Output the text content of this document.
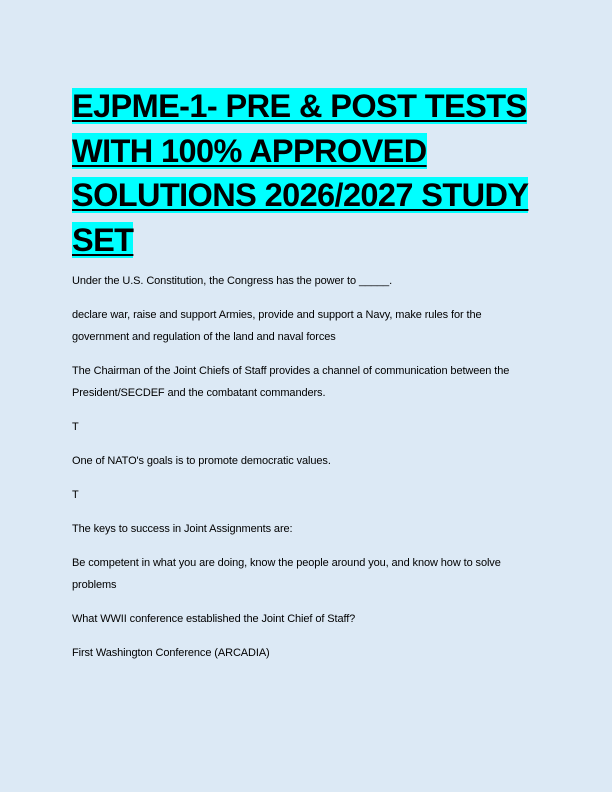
EJPME-1- PRE & POST TESTS WITH 100% APPROVED SOLUTIONS 2026/2027 STUDY SET

Under the U.S. Constitution, the Congress has the power to _____.

declare war, raise and support Armies, provide and support a Navy, make rules for the government and regulation of the land and naval forces

The Chairman of the Joint Chiefs of Staff provides a channel of communication between the President/SECDEF and the combatant commanders.

T

One of NATO's goals is to promote democratic values.

T

The keys to success in Joint Assignments are:

Be competent in what you are doing, know the people around you, and know how to solve problems

What WWII conference established the Joint Chief of Staff?

First Washington Conference (ARCADIA)
